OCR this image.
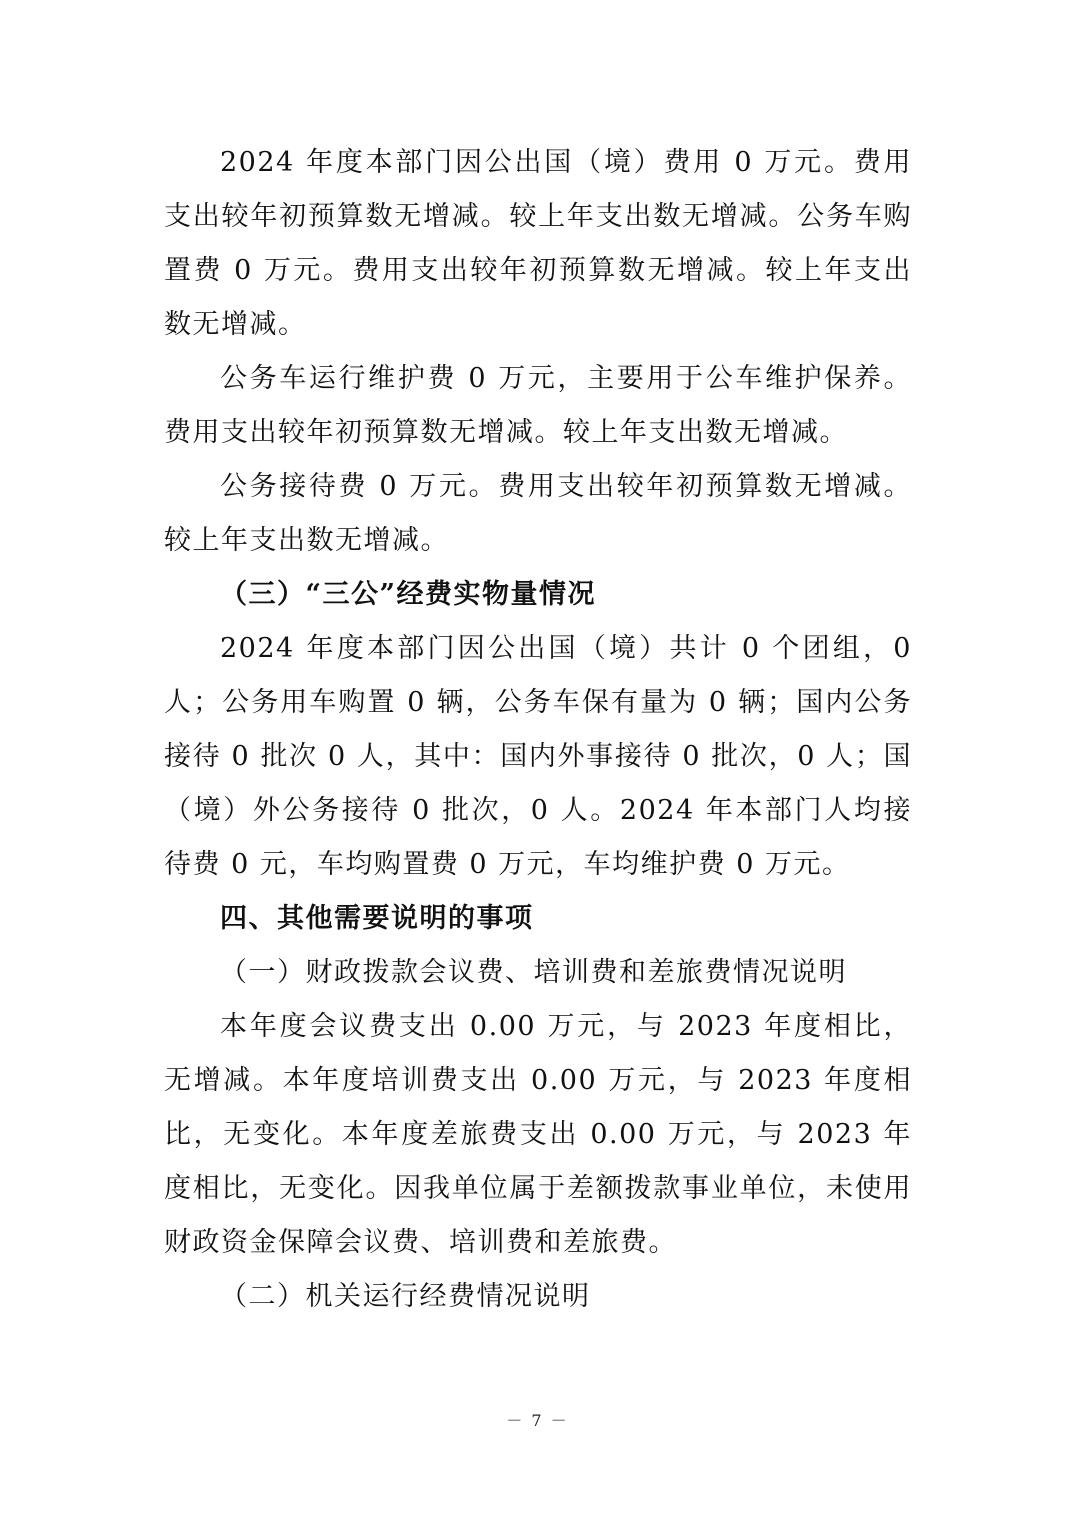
2024 年度本部门因公出国（境）费用 0 万元。费用支出较年初预算数无增减。较上年支出数无增减。公务车购置费 0 万元。费用支出较年初预算数无增减。较上年支出数无增减。

公务车运行维护费 0 万元，主要用于公车维护保养。费用支出较年初预算数无增减。较上年支出数无增减。

公务接待费 0 万元。费用支出较年初预算数无增减。较上年支出数无增减。

（三）“三公”经费实物量情况

2024 年度本部门因公出国（境）共计 0 个团组，0 人；公务用车购置 0 辆，公务车保有量为 0 辆；国内公务接待 0 批次 0 人，其中：国内外事接待 0 批次，0 人；国（境）外公务接待 0 批次，0 人。2024 年本部门人均接待费 0 元，车均购置费 0 万元，车均维护费 0 万元。

四、其他需要说明的事项

（一）财政拨款会议费、培训费和差旅费情况说明

本年度会议费支出 0.00 万元，与 2023 年度相比，无增减。本年度培训费支出 0.00 万元，与 2023 年度相比，无变化。本年度差旅费支出 0.00 万元，与 2023 年度相比，无变化。因我单位属于差额拨款事业单位，未使用财政资金保障会议费、培训费和差旅费。

（二）机关运行经费情况说明

－ 7 －
